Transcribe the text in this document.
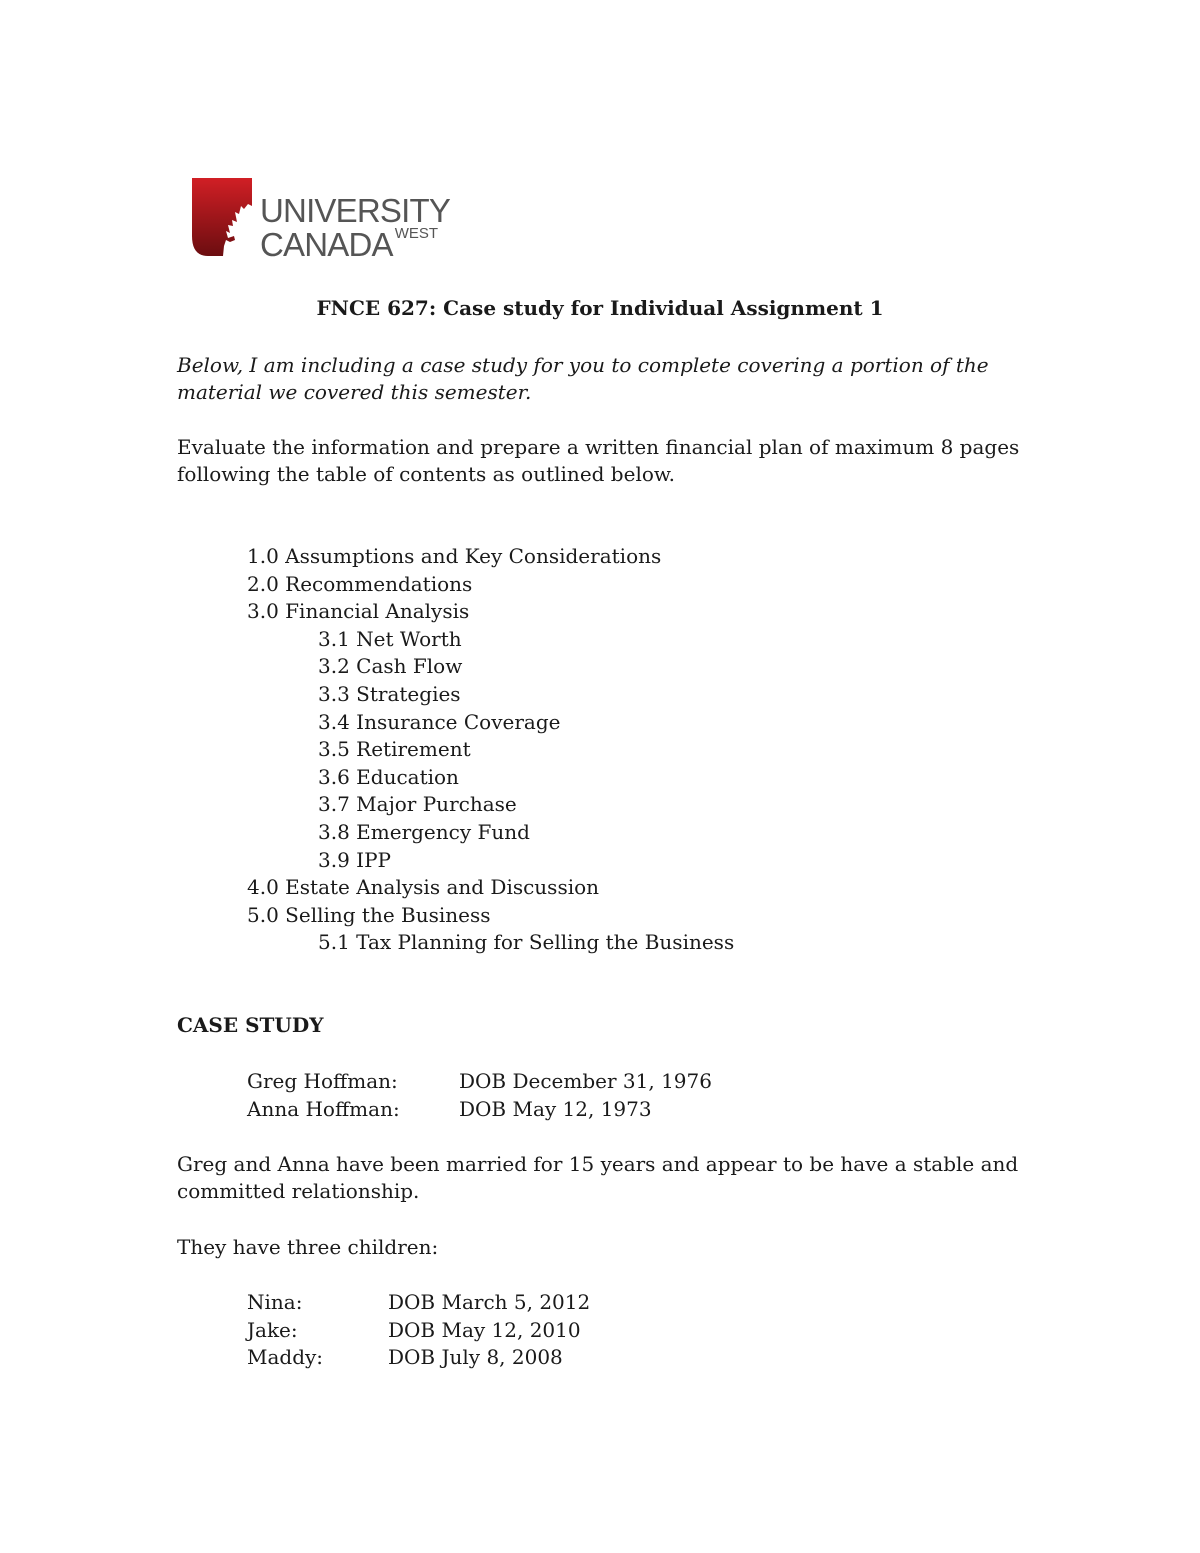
UNIVERSITY
CANADA $^{WEST}$
FNCE 627: Case study for Individual Assignment 1

Below, I am including a case study for you to complete covering a portion of the material we covered this semester.

Evaluate the information and prepare a written financial plan of maximum 8 pages following the table of contents as outlined below.

1.0 Assumptions and Key Considerations
2.0 Recommendations
3.0 Financial Analysis
3.1 Net Worth
3.2 Cash Flow
3.3 Strategies
3.4 Insurance Coverage
3.5 Retirement
3.6 Education
3.7 Major Purchase
3.8 Emergency Fund
3.9 IPP
4.0 Estate Analysis and Discussion
5.0 Selling the Business
5.1 Tax Planning for Selling the Business
CASE STUDY
Greg Hoffman:	DOB December 31, 1976
Anna Hoffman:	DOB May 12, 1973

Greg and Anna have been married for 15 years and appear to be have a stable and committed relationship.

They have three children:

Nina:	DOB March 5, 2012
Jake:	DOB May 12, 2010
Maddy:	DOB July 8, 2008
